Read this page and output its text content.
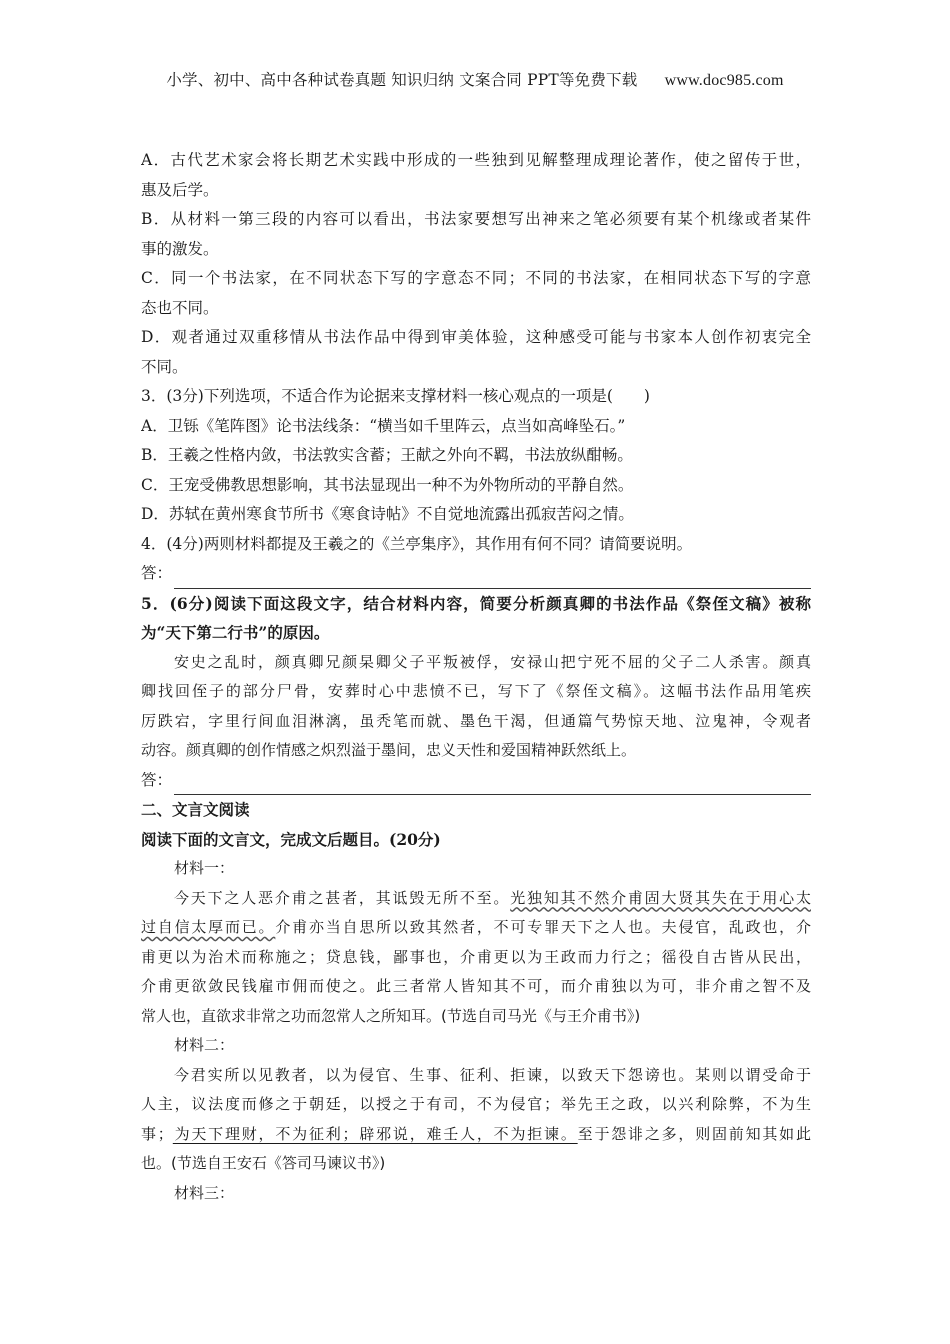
小学、初中、高中各种试卷真题 知识归纳 文案合同 PPT等免费下载 www.doc985.com
A．古代艺术家会将长期艺术实践中形成的一些独到见解整理成理论著作，使之留传于世，
惠及后学。
B．从材料一第三段的内容可以看出，书法家要想写出神来之笔必须要有某个机缘或者某件
事的激发。
C．同一个书法家，在不同状态下写的字意态不同；不同的书法家，在相同状态下写的字意
态也不同。
D．观者通过双重移情从书法作品中得到审美体验，这种感受可能与书家本人创作初衷完全
不同。
3．(3分)下列选项，不适合作为论据来支撑材料一核心观点的一项是(　　)
A．卫铄《笔阵图》论书法线条：“横当如千里阵云，点当如高峰坠石。”
B．王羲之性格内敛，书法敦实含蓄；王献之外向不羁，书法放纵酣畅。
C．王宠受佛教思想影响，其书法显现出一种不为外物所动的平静自然。
D．苏轼在黄州寒食节所书《寒食诗帖》不自觉地流露出孤寂苦闷之情。
4．(4分)两则材料都提及王羲之的《兰亭集序》，其作用有何不同？请简要说明。
答：
5．(6分)阅读下面这段文字，结合材料内容，简要分析颜真卿的书法作品《祭侄文稿》被称
为“天下第二行书”的原因。
安史之乱时，颜真卿兄颜杲卿父子平叛被俘，安禄山把宁死不屈的父子二人杀害。颜真
卿找回侄子的部分尸骨，安葬时心中悲愤不已，写下了《祭侄文稿》。这幅书法作品用笔疾
厉跌宕，字里行间血泪淋漓，虽秃笔而就、墨色干渴，但通篇气势惊天地、泣鬼神，令观者
动容。颜真卿的创作情感之炽烈溢于墨间，忠义天性和爱国精神跃然纸上。
答：
二、文言文阅读
阅读下面的文言文，完成文后题目。(20分)
材料一：
今天下之人恶介甫之甚者，其诋毁无所不至。光独知其不然介甫固大贤其失在于用心太
过自信太厚而已。介甫亦当自思所以致其然者，不可专罪天下之人也。夫侵官，乱政也，介
甫更以为治术而称施之；贷息钱，鄙事也，介甫更以为王政而力行之；徭役自古皆从民出，
介甫更欲敛民钱雇市佣而使之。此三者常人皆知其不可，而介甫独以为可，非介甫之智不及
常人也，直欲求非常之功而忽常人之所知耳。(节选自司马光《与王介甫书》)
材料二：
今君实所以见教者，以为侵官、生事、征利、拒谏，以致天下怨谤也。某则以谓受命于
人主，议法度而修之于朝廷，以授之于有司，不为侵官；举先王之政，以兴利除弊，不为生
事；为天下理财，不为征利；辟邪说，难壬人，不为拒谏。至于怨诽之多，则固前知其如此
也。(节选自王安石《答司马谏议书》)
材料三：
